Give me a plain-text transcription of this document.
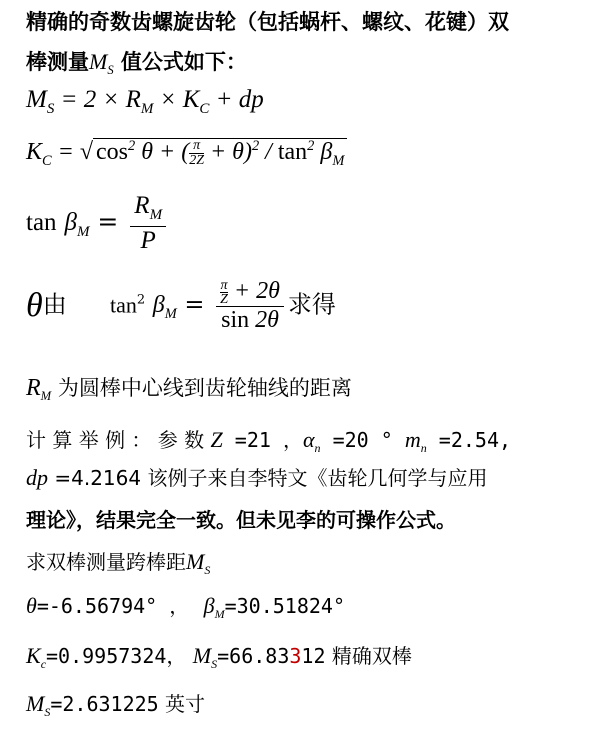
精确的奇数齿螺旋齿轮（包括蜗杆、螺纹、花键）双
棒测量$M_S$ 值公式如下：
$M_S = 2 \times R_M \times K_C$ + dp
$K_C$ = √ $\cos^2 \theta$ + ( $\frac{\pi}{2Z} + \theta)^2 / \tan^2 \beta_M$
$\tan \beta_M = \frac{R_M}{P}$
θ由 $\tan^2 \beta_M = \frac{\frac{\pi}{Z} + 2\theta}{\sin 2\theta}$ 求得
$R_M$ 为圆棒中心线到齿轮轴线的距离
计 算 举 例 ： 参 数 Z =21 ，$\alpha_n =20$ ° $m_n =2.54$,
dp =4.2164 该例子来自李特文《齿轮几何学与应用
理论》，结果完全一致。但未见李的可操作公式。
求双棒测量跨棒距$M_S$
θ=-6.56794° ， $\beta_M=30.51824^\circ$
$K_c=0.9957324$， $M_S=66.83312$ 精确双棒
$M_S=2.631225$ 英寸
